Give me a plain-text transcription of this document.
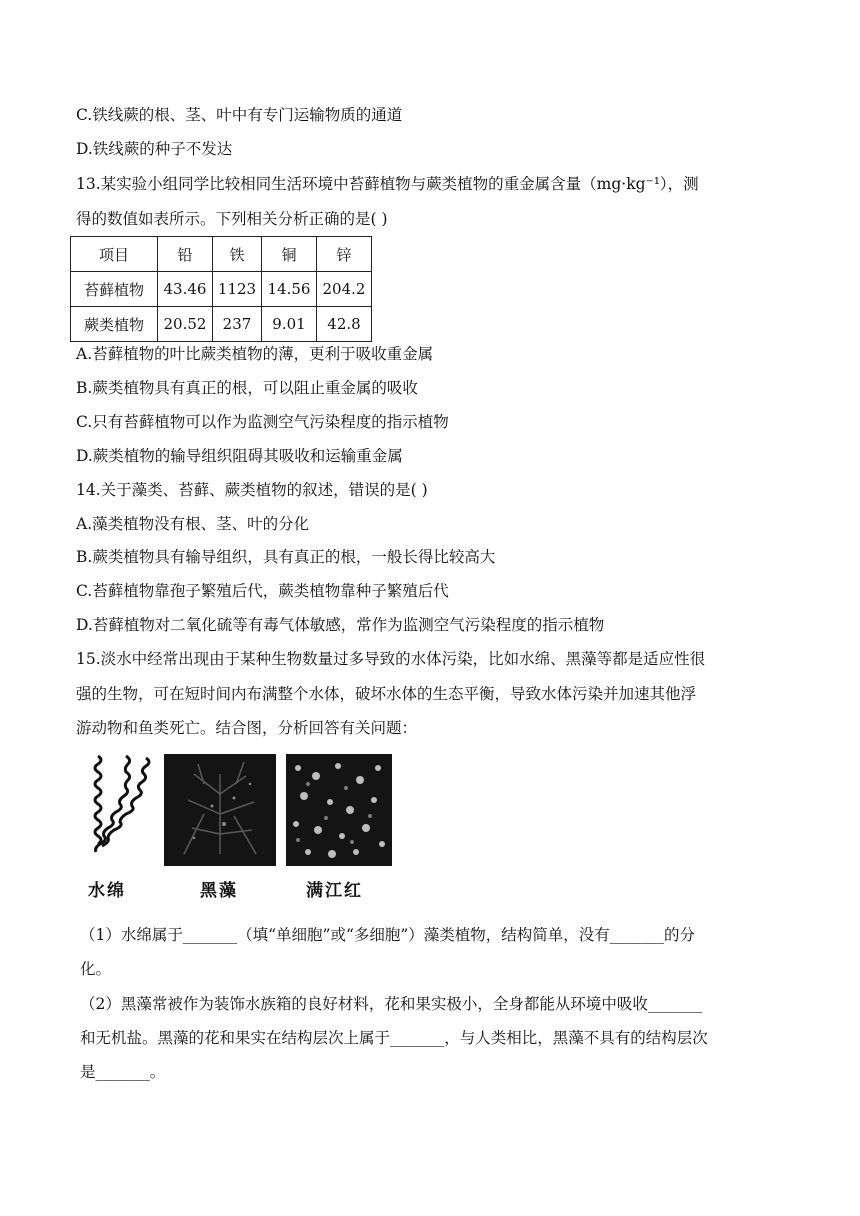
C.铁线蕨的根、茎、叶中有专门运输物质的通道
D.铁线蕨的种子不发达
13.某实验小组同学比较相同生活环境中苔藓植物与蕨类植物的重金属含量（mg·kg⁻¹），测
得的数值如表所示。下列相关分析正确的是( )
项目	铅	铁	铜	锌
苔藓植物	43.46	1123	14.56	204.2
蕨类植物	20.52	237	9.01	42.8
A.苔藓植物的叶比蕨类植物的薄，更利于吸收重金属
B.蕨类植物具有真正的根，可以阻止重金属的吸收
C.只有苔藓植物可以作为监测空气污染程度的指示植物
D.蕨类植物的输导组织阻碍其吸收和运输重金属
14.关于藻类、苔藓、蕨类植物的叙述，错误的是( )
A.藻类植物没有根、茎、叶的分化
B.蕨类植物具有输导组织，具有真正的根，一般长得比较高大
C.苔藓植物靠孢子繁殖后代，蕨类植物靠种子繁殖后代
D.苔藓植物对二氧化硫等有毒气体敏感，常作为监测空气污染程度的指示植物
15.淡水中经常出现由于某种生物数量过多导致的水体污染，比如水绵、黑藻等都是适应性很
强的生物，可在短时间内布满整个水体，破坏水体的生态平衡，导致水体污染并加速其他浮
游动物和鱼类死亡。结合图，分析回答有关问题：
水绵	黑藻	满江红
（1）水绵属于_______（填“单细胞”或“多细胞”）藻类植物，结构简单，没有_______的分
化。
（2）黑藻常被作为装饰水族箱的良好材料，花和果实极小，全身都能从环境中吸收_______
和无机盐。黑藻的花和果实在结构层次上属于_______，与人类相比，黑藻不具有的结构层次
是_______。
